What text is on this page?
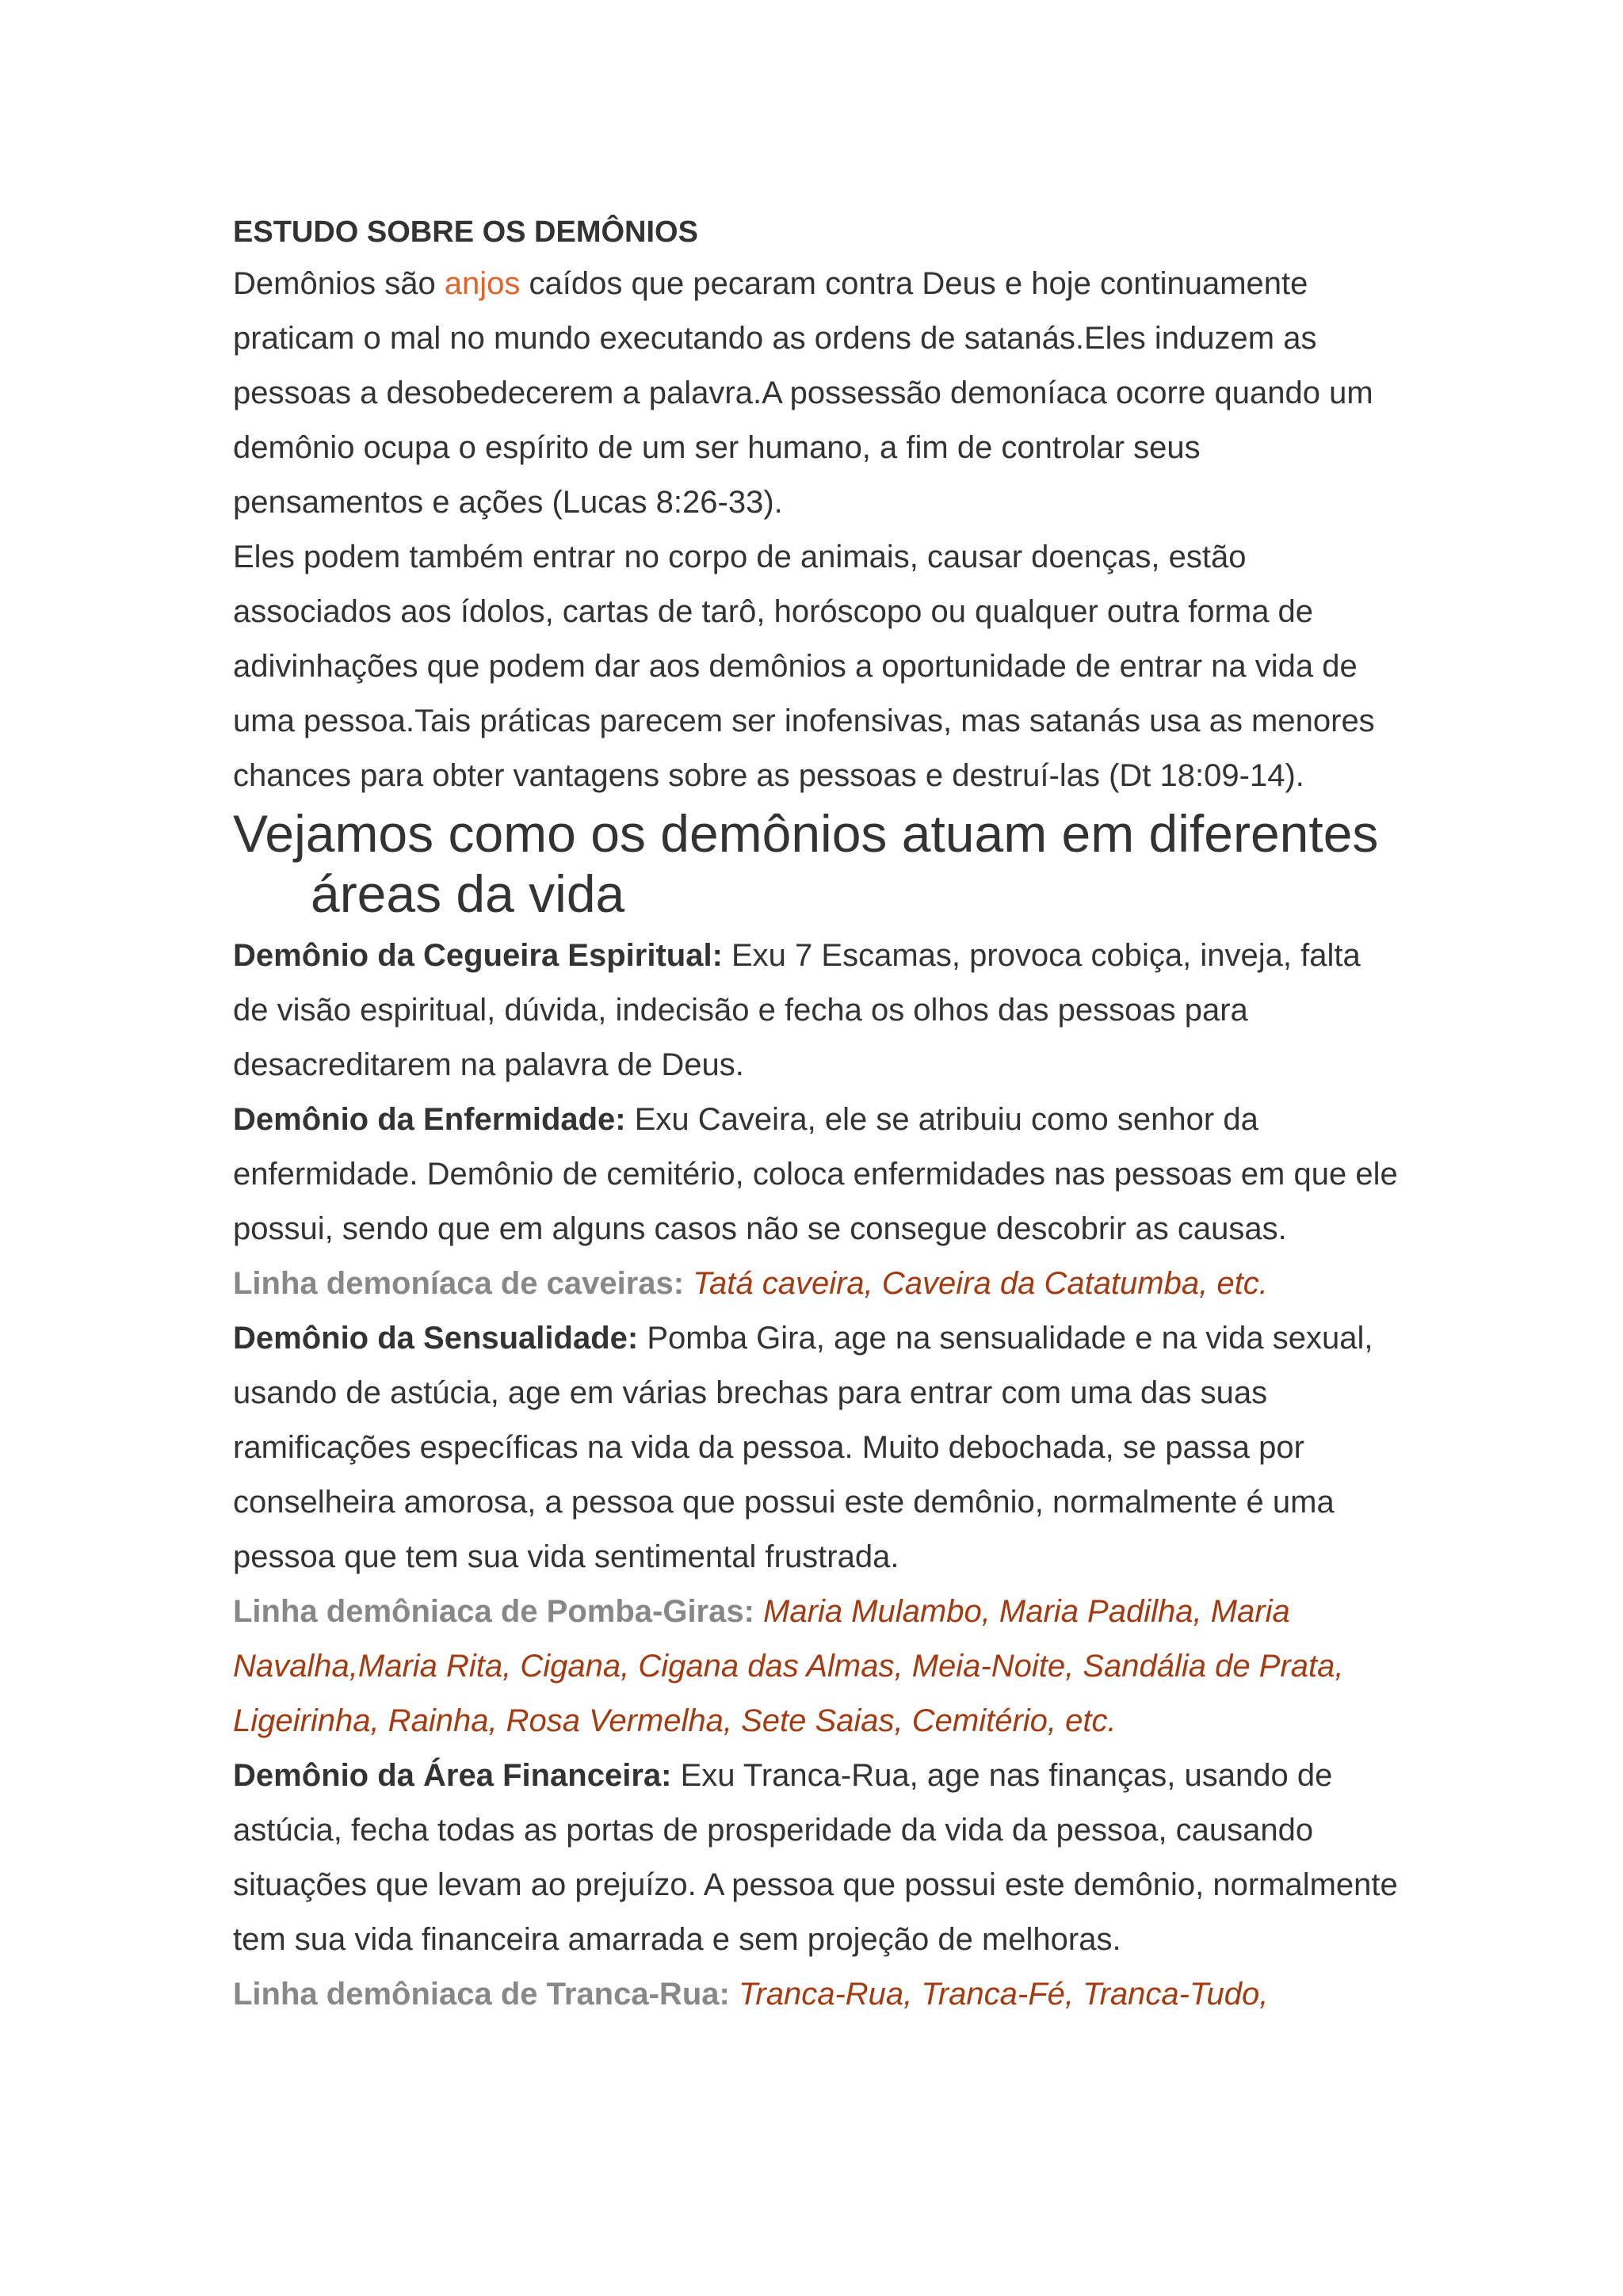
ESTUDO SOBRE OS DEMÔNIOS

Demônios são anjos caídos que pecaram contra Deus e hoje continuamente praticam o mal no mundo executando as ordens de satanás.Eles induzem as pessoas a desobedecerem a palavra.A possessão demoníaca ocorre quando um demônio ocupa o espírito de um ser humano, a fim de controlar seus pensamentos e ações (Lucas 8:26-33).

Eles podem também entrar no corpo de animais, causar doenças, estão associados aos ídolos, cartas de tarô, horóscopo ou qualquer outra forma de adivinhações que podem dar aos demônios a oportunidade de entrar na vida de uma pessoa.Tais práticas parecem ser inofensivas, mas satanás usa as menores chances para obter vantagens sobre as pessoas e destruí-las (Dt 18:09-14).

Vejamos como os demônios atuam em diferentes áreas da vida

Demônio da Cegueira Espiritual: Exu 7 Escamas, provoca cobiça, inveja, falta de visão espiritual, dúvida, indecisão e fecha os olhos das pessoas para desacreditarem na palavra de Deus.

Demônio da Enfermidade: Exu Caveira, ele se atribuiu como senhor da enfermidade. Demônio de cemitério, coloca enfermidades nas pessoas em que ele possui, sendo que em alguns casos não se consegue descobrir as causas.

Linha demoníaca de caveiras: Tatá caveira, Caveira da Catatumba, etc.

Demônio da Sensualidade: Pomba Gira, age na sensualidade e na vida sexual, usando de astúcia, age em várias brechas para entrar com uma das suas ramificações específicas na vida da pessoa. Muito debochada, se passa por conselheira amorosa, a pessoa que possui este demônio, normalmente é uma pessoa que tem sua vida sentimental frustrada.

Linha demôniaca de Pomba-Giras: Maria Mulambo, Maria Padilha, Maria Navalha,Maria Rita, Cigana, Cigana das Almas, Meia-Noite, Sandália de Prata, Ligeirinha, Rainha, Rosa Vermelha, Sete Saias, Cemitério, etc.

Demônio da Área Financeira: Exu Tranca-Rua, age nas finanças, usando de astúcia, fecha todas as portas de prosperidade da vida da pessoa, causando situações que levam ao prejuízo. A pessoa que possui este demônio, normalmente tem sua vida financeira amarrada e sem projeção de melhoras.

Linha demôniaca de Tranca-Rua: Tranca-Rua, Tranca-Fé, Tranca-Tudo,
